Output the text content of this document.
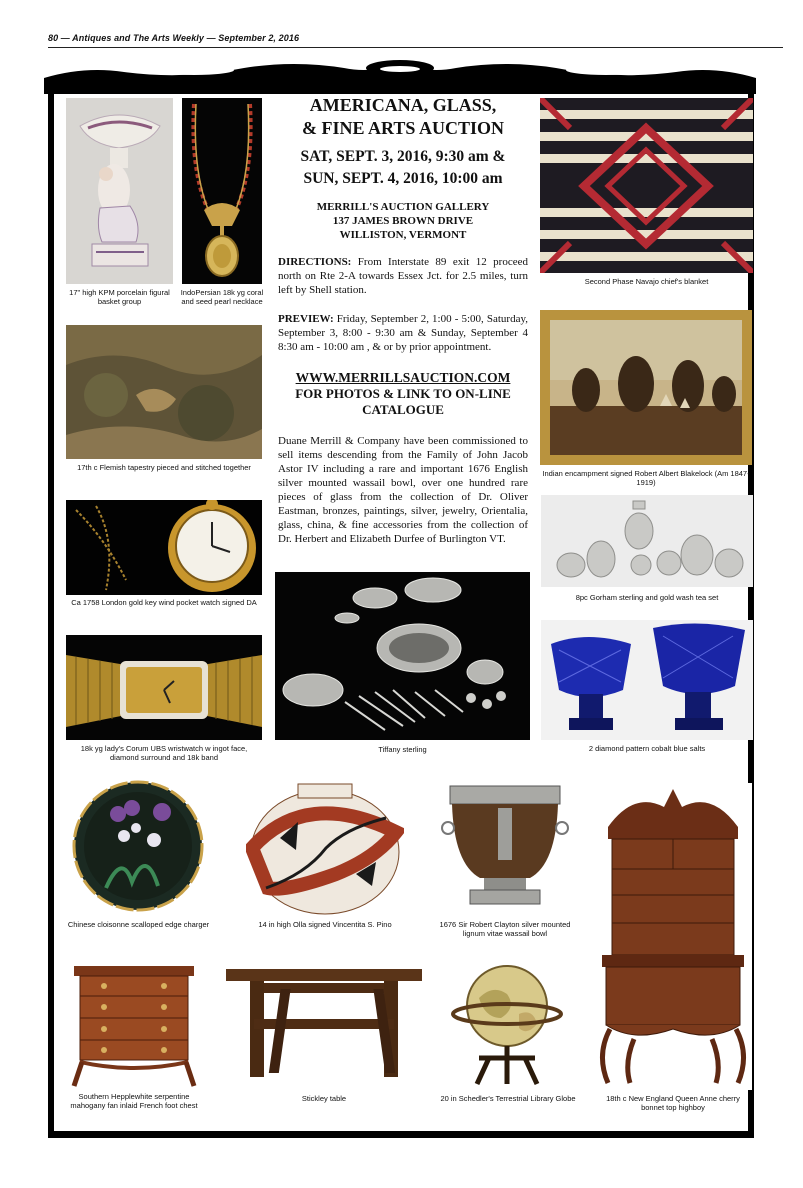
80 — Antiques and The Arts Weekly — September 2, 2016
17" high KPM porcelain figural basket group
IndoPersian 18k yg coral and seed pearl necklace
AMERICANA, GLASS,
& FINE ARTS AUCTION
SAT, SEPT. 3, 2016, 9:30 am &
SUN, SEPT. 4, 2016, 10:00 am
MERRILL'S AUCTION GALLERY
137 JAMES BROWN DRIVE
WILLISTON, VERMONT

DIRECTIONS: From Interstate 89 exit 12 proceed north on Rte 2-A towards Essex Jct. for 2.5 miles, turn left by Shell station.

PREVIEW: Friday, September 2, 1:00 - 5:00, Saturday, September 3, 8:00 - 9:30 am & Sunday, September 4 8:30 am - 10:00 am , & or by prior appointment.

WWW.MERRILLSAUCTION.COM
FOR PHOTOS & LINK TO ON-LINE CATALOGUE

Duane Merrill & Company have been commissioned to sell items descending from the Family of John Jacob Astor IV including a rare and important 1676 English silver mounted wassail bowl, over one hundred rare pieces of glass from the collection of Dr. Oliver Eastman, bronzes, paintings, silver, jewelry, Orientalia, glass, china, & fine accessories from the collection of Dr. Herbert and Elizabeth Durfee of Burlington VT.

Second Phase Navajo chief's blanket
17th c Flemish tapestry pieced and stitched together
Indian encampment signed Robert Albert Blakelock (Am 1847-1919)
Ca 1758 London gold key wind pocket watch signed DA
8pc Gorham sterling and gold wash tea set
Tiffany sterling
18k yg lady's Corum UBS wristwatch w ingot face, diamond surround and 18k band
2 diamond pattern cobalt blue salts
Chinese cloisonne scalloped edge charger	14 in high Olla signed Vincentita S. Pino	1676 Sir Robert Clayton silver mounted lignum vitae wassail bowl
18th c New England Queen Anne cherry bonnet top highboy
Southern Hepplewhite serpentine mahogany fan inlaid French foot chest
Stickley table	20 in Schedler's Terrestrial Library Globe
